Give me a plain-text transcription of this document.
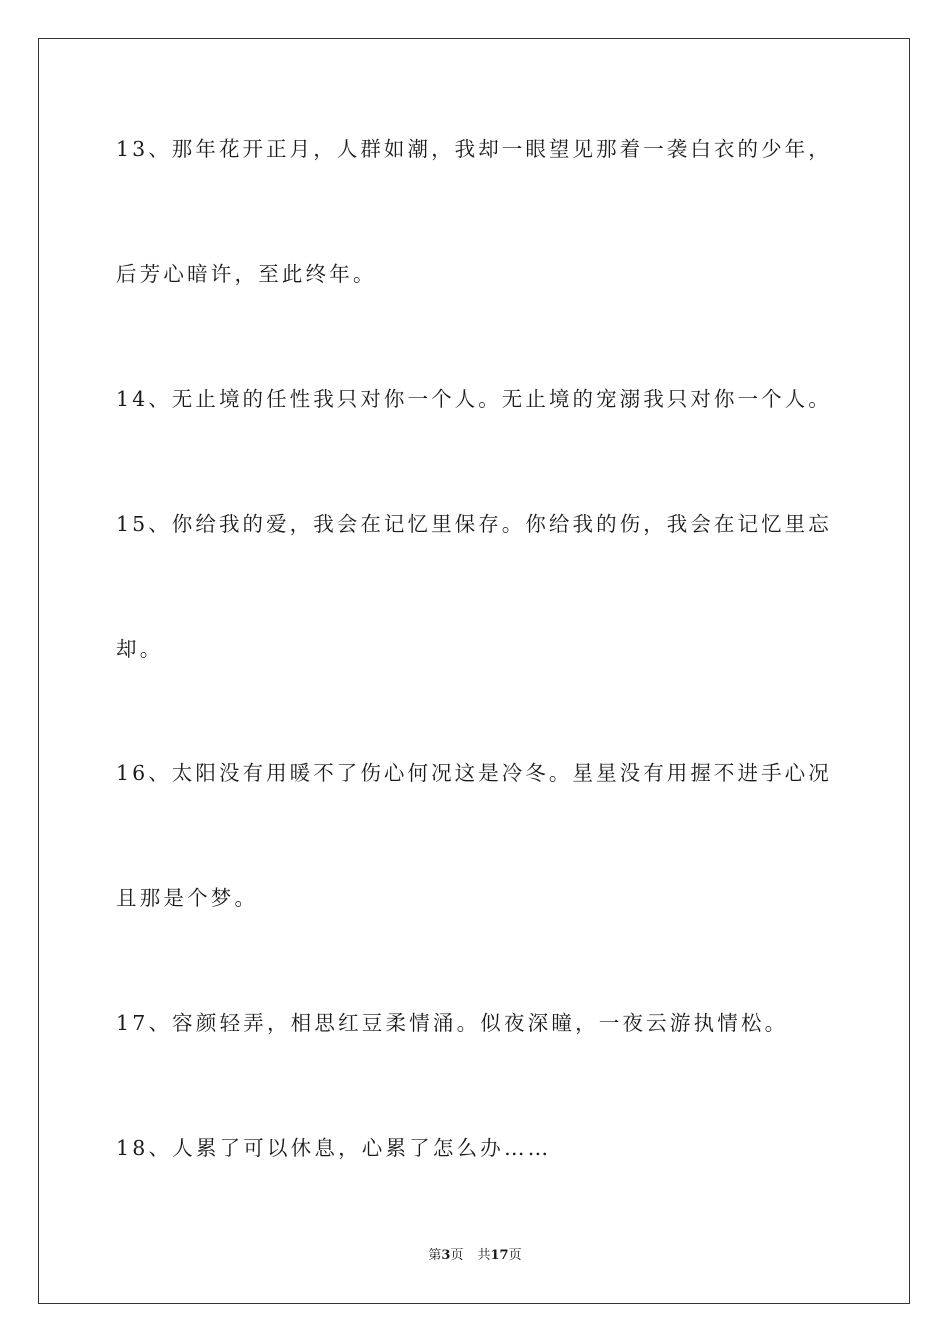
13、那年花开正月，人群如潮，我却一眼望见那着一袭白衣的少年，

后芳心暗许，至此终年。

14、无止境的任性我只对你一个人。无止境的宠溺我只对你一个人。

15、你给我的爱，我会在记忆里保存。你给我的伤，我会在记忆里忘

却。

16、太阳没有用暖不了伤心何况这是冷冬。星星没有用握不进手心况

且那是个梦。

17、容颜轻弄，相思红豆柔情涌。似夜深瞳，一夜云游执情松。

18、人累了可以休息，心累了怎么办……

第3页 共17页
